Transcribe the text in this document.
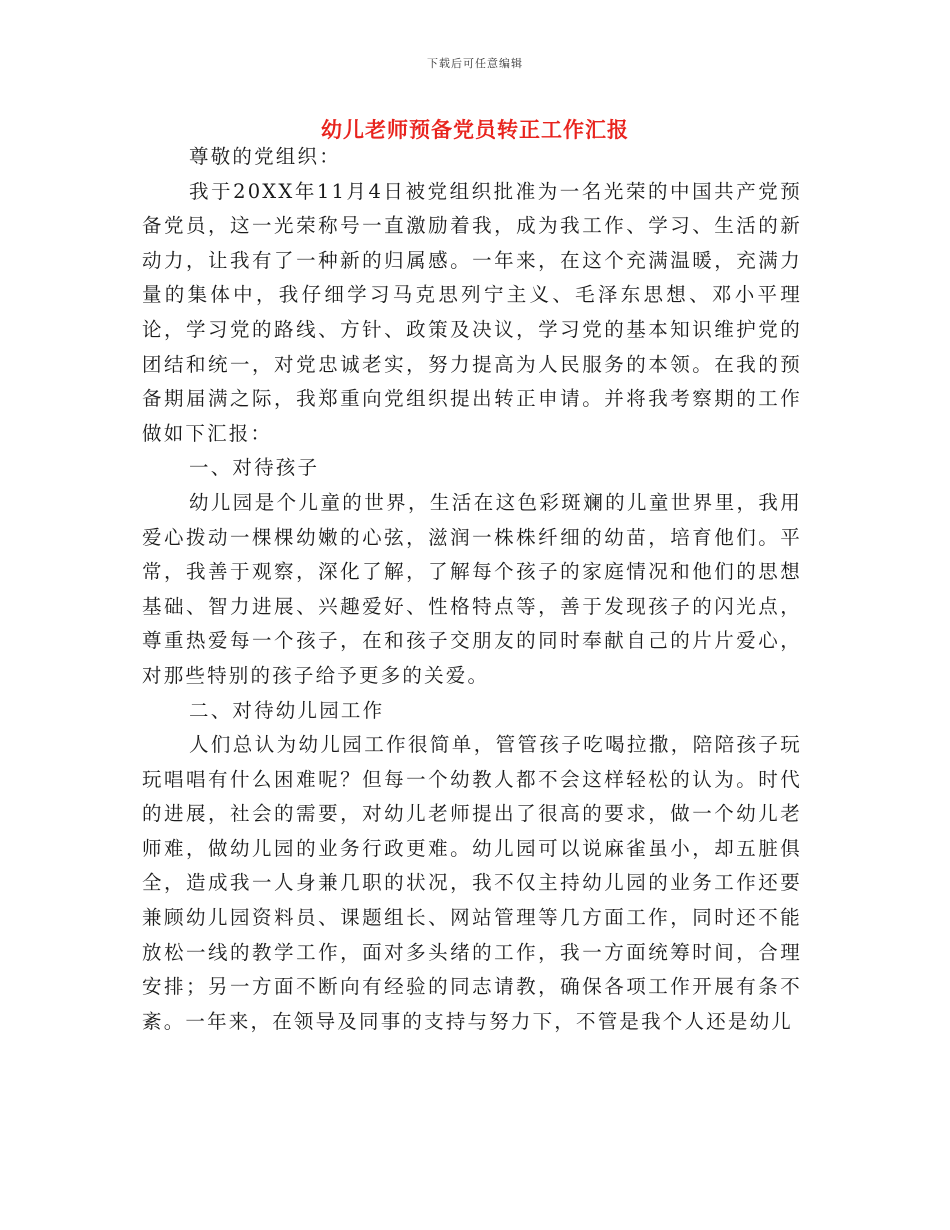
下载后可任意编辑
幼儿老师预备党员转正工作汇报

尊敬的党组织：

我于20XX年11月4日被党组织批准为一名光荣的中国共产党预备党员，这一光荣称号一直激励着我，成为我工作、学习、生活的新动力，让我有了一种新的归属感。一年来，在这个充满温暖，充满力量的集体中，我仔细学习马克思列宁主义、毛泽东思想、邓小平理论，学习党的路线、方针、政策及决议，学习党的基本知识维护党的团结和统一，对党忠诚老实，努力提高为人民服务的本领。在我的预备期届满之际，我郑重向党组织提出转正申请。并将我考察期的工作做如下汇报：

一、对待孩子

幼儿园是个儿童的世界，生活在这色彩斑斓的儿童世界里，我用爱心拨动一棵棵幼嫩的心弦，滋润一株株纤细的幼苗，培育他们。平常，我善于观察，深化了解，了解每个孩子的家庭情况和他们的思想基础、智力进展、兴趣爱好、性格特点等，善于发现孩子的闪光点，尊重热爱每一个孩子，在和孩子交朋友的同时奉献自己的片片爱心，对那些特别的孩子给予更多的关爱。

二、对待幼儿园工作

人们总认为幼儿园工作很简单，管管孩子吃喝拉撒，陪陪孩子玩玩唱唱有什么困难呢？但每一个幼教人都不会这样轻松的认为。时代的进展，社会的需要，对幼儿老师提出了很高的要求，做一个幼儿老师难，做幼儿园的业务行政更难。幼儿园可以说麻雀虽小，却五脏俱全，造成我一人身兼几职的状况，我不仅主持幼儿园的业务工作还要兼顾幼儿园资料员、课题组长、网站管理等几方面工作，同时还不能放松一线的教学工作，面对多头绪的工作，我一方面统筹时间，合理安排；另一方面不断向有经验的同志请教，确保各项工作开展有条不紊。一年来，在领导及同事的支持与努力下，不管是我个人还是幼儿
